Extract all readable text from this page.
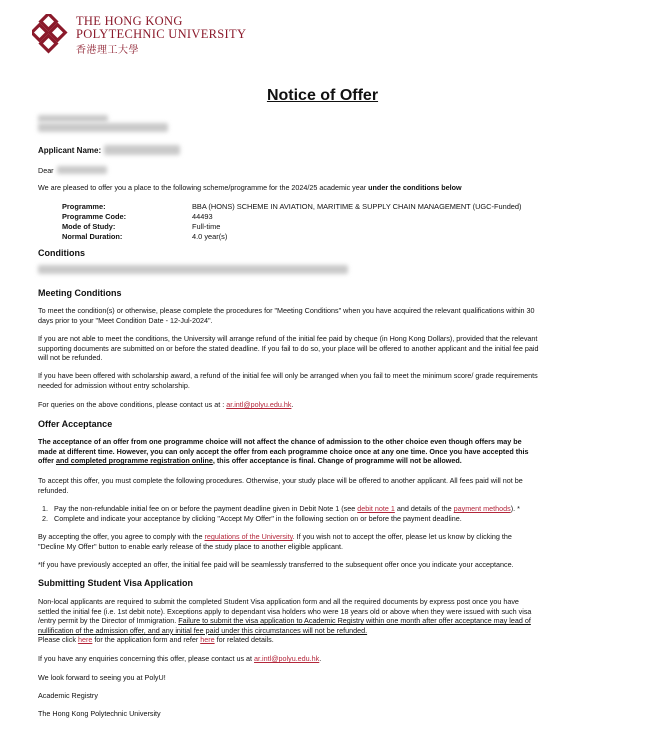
THE HONG KONG
POLYTECHNIC UNIVERSITY
香港理工大學
Notice of Offer
Applicant Name:
Dear
We are pleased to offer you a place to the following scheme/programme for the 2024/25 academic year under the conditions below
Programme:	BBA (HONS) SCHEME IN AVIATION, MARITIME & SUPPLY CHAIN MANAGEMENT (UGC-Funded)
Programme Code:	44493
Mode of Study:	Full-time
Normal Duration:	4.0 year(s)
Conditions
Meeting Conditions
To meet the condition(s) or otherwise, please complete the procedures for "Meeting Conditions" when you have acquired the relevant qualifications within 30
days prior to your "Meet Condition Date - 12-Jul-2024".
If you are not able to meet the conditions, the University will arrange refund of the initial fee paid by cheque (in Hong Kong Dollars), provided that the relevant
supporting documents are submitted on or before the stated deadline. If you fail to do so, your place will be offered to another applicant and the initial fee paid
will not be refunded.
If you have been offered with scholarship award, a refund of the initial fee will only be arranged when you fail to meet the minimum score/ grade requirements
needed for admission without entry scholarship.
For queries on the above conditions, please contact us at : ar.intl@polyu.edu.hk.
Offer Acceptance
The acceptance of an offer from one programme choice will not affect the chance of admission to the other choice even though offers may be
made at different time. However, you can only accept the offer from each programme choice once at any one time. Once you have accepted this
offer and completed programme registration online, this offer acceptance is final. Change of programme will not be allowed.
To accept this offer, you must complete the following procedures. Otherwise, your study place will be offered to another applicant. All fees paid will not be
refunded.
1. Pay the non-refundable initial fee on or before the payment deadline given in Debit Note 1 (see debit note 1 and details of the payment methods). *
2. Complete and indicate your acceptance by clicking "Accept My Offer" in the following section on or before the payment deadline.
By accepting the offer, you agree to comply with the regulations of the University. If you wish not to accept the offer, please let us know by clicking the
"Decline My Offer" button to enable early release of the study place to another eligible applicant.
*If you have previously accepted an offer, the initial fee paid will be seamlessly transferred to the subsequent offer once you indicate your acceptance.
Submitting Student Visa Application
Non-local applicants are required to submit the completed Student Visa application form and all the required documents by express post once you have
settled the initial fee (i.e. 1st debit note). Exceptions apply to dependant visa holders who were 18 years old or above when they were issued with such visa
/entry permit by the Director of Immigration. Failure to submit the visa application to Academic Registry within one month after offer acceptance may lead of
nullification of the admission offer, and any initial fee paid under this circumstances will not be refunded.
Please click here for the application form and refer here for related details.
If you have any enquiries concerning this offer, please contact us at ar.intl@polyu.edu.hk.
We look forward to seeing you at PolyU!
Academic Registry
The Hong Kong Polytechnic University
